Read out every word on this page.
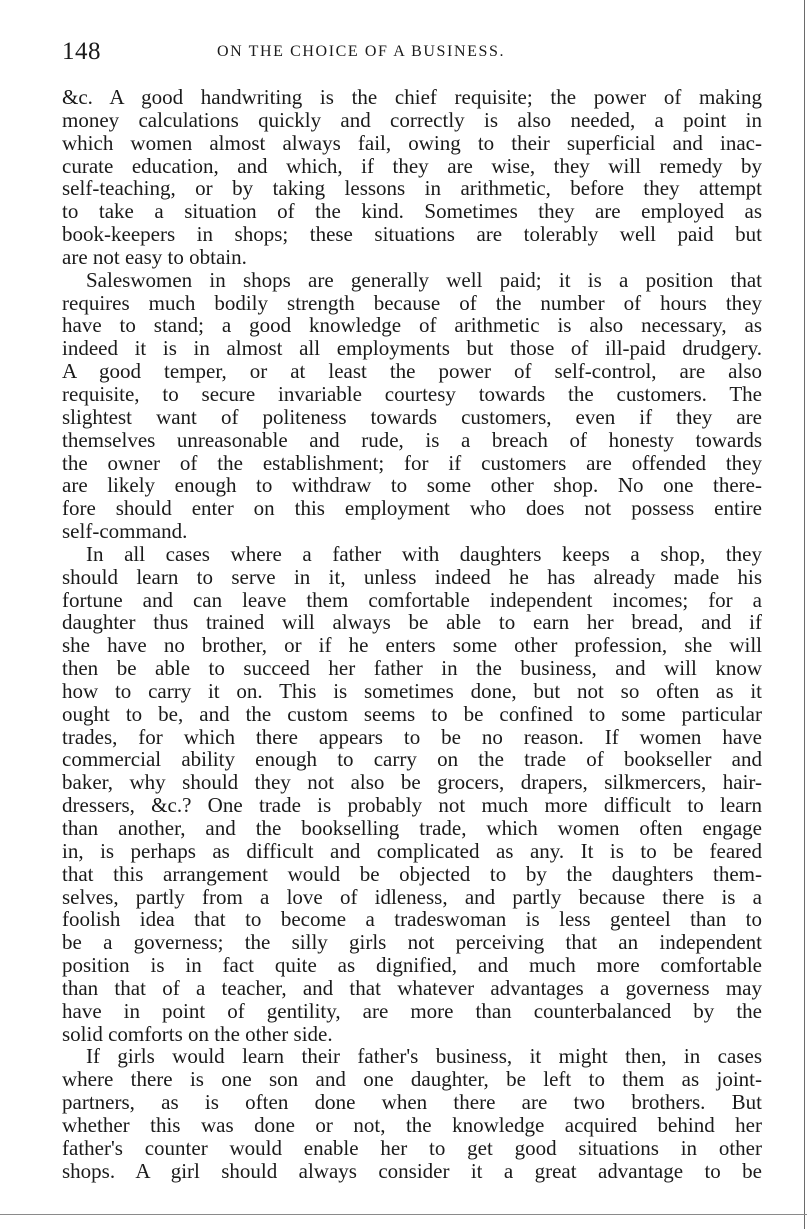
148	ON THE CHOICE OF A BUSINESS.
&c. A good handwriting is the chief requisite; the power of making
money calculations quickly and correctly is also needed, a point in
which women almost always fail, owing to their superficial and inac-
curate education, and which, if they are wise, they will remedy by
self-teaching, or by taking lessons in arithmetic, before they attempt
to take a situation of the kind. Sometimes they are employed as
book-keepers in shops; these situations are tolerably well paid but
are not easy to obtain.
Saleswomen in shops are generally well paid; it is a position that
requires much bodily strength because of the number of hours they
have to stand; a good knowledge of arithmetic is also necessary, as
indeed it is in almost all employments but those of ill-paid drudgery.
A good temper, or at least the power of self-control, are also
requisite, to secure invariable courtesy towards the customers. The
slightest want of politeness towards customers, even if they are
themselves unreasonable and rude, is a breach of honesty towards
the owner of the establishment; for if customers are offended they
are likely enough to withdraw to some other shop. No one there-
fore should enter on this employment who does not possess entire
self-command.
In all cases where a father with daughters keeps a shop, they
should learn to serve in it, unless indeed he has already made his
fortune and can leave them comfortable independent incomes; for a
daughter thus trained will always be able to earn her bread, and if
she have no brother, or if he enters some other profession, she will
then be able to succeed her father in the business, and will know
how to carry it on. This is sometimes done, but not so often as it
ought to be, and the custom seems to be confined to some particular
trades, for which there appears to be no reason. If women have
commercial ability enough to carry on the trade of bookseller and
baker, why should they not also be grocers, drapers, silkmercers, hair-
dressers, &c.? One trade is probably not much more difficult to learn
than another, and the bookselling trade, which women often engage
in, is perhaps as difficult and complicated as any. It is to be feared
that this arrangement would be objected to by the daughters them-
selves, partly from a love of idleness, and partly because there is a
foolish idea that to become a tradeswoman is less genteel than to
be a governess; the silly girls not perceiving that an independent
position is in fact quite as dignified, and much more comfortable
than that of a teacher, and that whatever advantages a governess may
have in point of gentility, are more than counterbalanced by the
solid comforts on the other side.
If girls would learn their father's business, it might then, in cases
where there is one son and one daughter, be left to them as joint-
partners, as is often done when there are two brothers. But
whether this was done or not, the knowledge acquired behind her
father's counter would enable her to get good situations in other
shops. A girl should always consider it a great advantage to be
